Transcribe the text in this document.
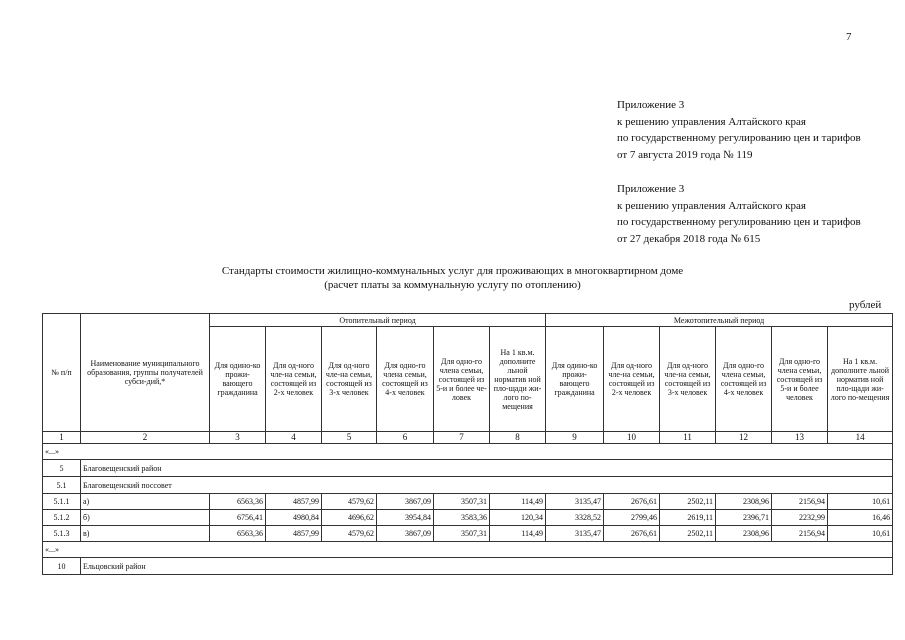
7
Приложение 3
к решению управления Алтайского края
по государственному регулированию цен и тарифов
от 7 августа 2019 года № 119
Приложение 3
к решению управления Алтайского края
по государственному регулированию цен и тарифов
от 27 декабря 2018 года № 615
Стандарты стоимости жилищно-коммунальных услуг для проживающих в многоквартирном доме
(расчет платы за коммунальную услугу по отоплению)
рублей
№ п/п	Наименование муниципального образования, группы получателей субси-дий,*	Отопительный период						Межотопительный период					
		Для одино-ко прожи-вающего гражданина	Для од-ного чле-на семьи, состоящей из 2-х человек	Для од-ного чле-на семьи, состоящей из 3-х человек	Для одно-го члена семьи, состоящей из 4-х человек	Для одно-го члена семьи, состоящей из 5-и и более че-ловек	На 1 кв.м. дополните льной норматив ной пло-щади жи-лого по-мещения	Для одино-ко прожи-вающего гражданина	Для од-ного чле-на семьи, состоящей из 2-х человек	Для од-ного чле-на семьи, состоящей из 3-х человек	Для одно-го члена семьи, состоящей из 4-х человек	Для одно-го члена семьи, состоящей из 5-и и более человек	На 1 кв.м. дополните льной норматив ной пло-щади жи-лого по-мещения
1	2	3	4	5	6	7	8	9	10	11	12	13	14
«...»													
5	Благовещенский район												
5.1	Благовещенский поссовет												
5.1.1	а)	6563,36	4857,99	4579,62	3867,09	3507,31	114,49	3135,47	2676,61	2502,11	2308,96	2156,94	10,61
5.1.2	б)	6756,41	4980,84	4696,62	3954,84	3583,36	120,34	3328,52	2799,46	2619,11	2396,71	2232,99	16,46
5.1.3	в)	6563,36	4857,99	4579,62	3867,09	3507,31	114,49	3135,47	2676,61	2502,11	2308,96	2156,94	10,61
«...»													
10	Ельцовский район												
